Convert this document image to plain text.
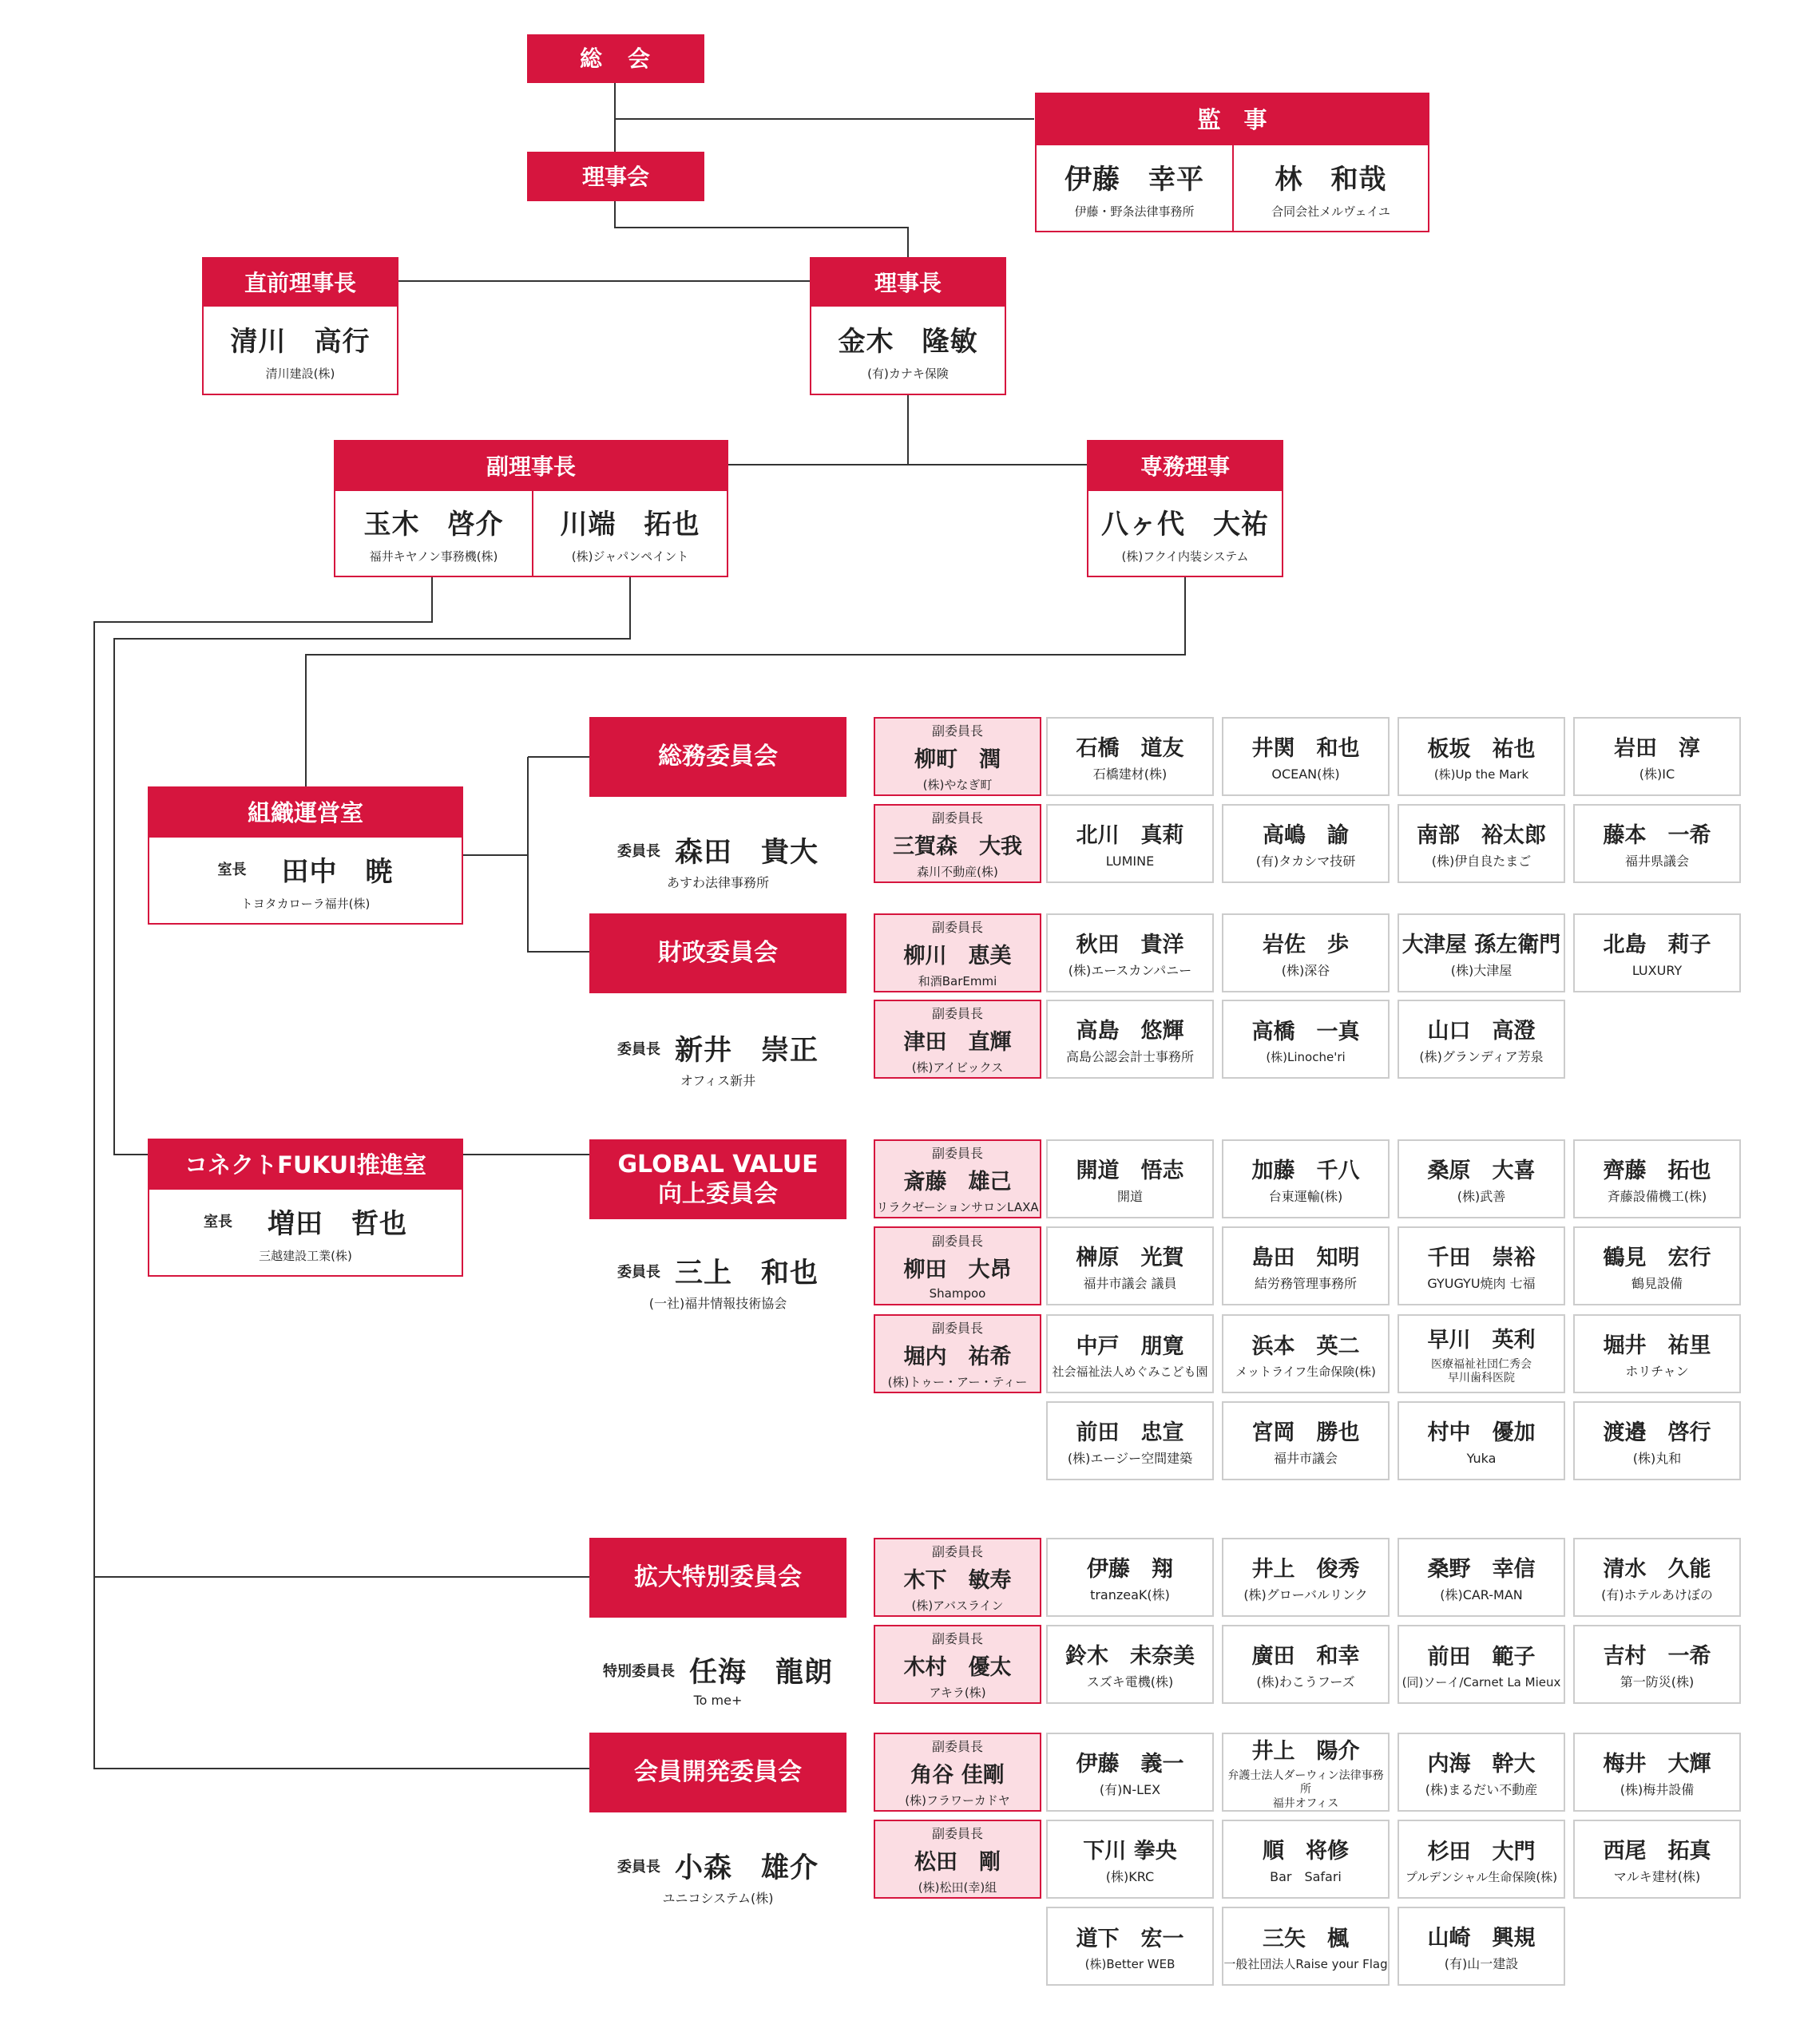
総　会
理事会
監　事
伊藤　幸平
伊藤・野条法律事務所
林　和哉
合同会社メルヴェイユ
直前理事長
清川　高行
清川建設(株)
理事長
金木　隆敏
(有)カナキ保険
副理事長
玉木　啓介
福井キヤノン事務機(株)
川端　拓也
(株)ジャパンペイント
専務理事
八ヶ代　大祐
(株)フクイ内装システム
組織運営室
室長 田中　暁
トヨタカローラ福井(株)
コネクトFUKUI推進室
室長 増田　哲也
三越建設工業(株)
総務委員会
委員長 森田　貴大
あすわ法律事務所
副委員長
柳町　潤
(株)やなぎ町
副委員長
三賀森　大我
森川不動産(株)
石橋　道友
石橋建材(株)
井関　和也
OCEAN(株)
板坂　祐也
(株)Up the Mark
岩田　淳
(株)IC
北川　真莉
LUMINE
高嶋　諭
(有)タカシマ技研
南部　裕太郎
(株)伊自良たまご
藤本　一希
福井県議会
財政委員会
委員長 新井　崇正
オフィス新井
副委員長
柳川　恵美
和酒BarEmmi
副委員長
津田　直輝
(株)アイビックス
秋田　貴洋
(株)エースカンパニー
岩佐　歩
(株)深谷
大津屋 孫左衛門
(株)大津屋
北島　莉子
LUXURY
高島　悠輝
高島公認会計士事務所
高橋　一真
(株)Linoche'ri
山口　高澄
(株)グランディア芳泉
GLOBAL VALUE
向上委員会
委員長 三上　和也
(一社)福井情報技術協会
副委員長
斎藤　雄己
リラクゼーションサロンLAXA
副委員長
柳田　大昂
Shampoo
副委員長
堀内　祐希
(株)トゥー・アー・ティー
開道　悟志
開道
加藤　千八
台東運輸(株)
桑原　大喜
(株)武善
齊藤　拓也
斉藤設備機工(株)
榊原　光賀
福井市議会 議員
島田　知明
結労務管理事務所
千田　崇裕
GYUGYU焼肉 七福
鶴見　宏行
鶴見設備
中戸　朋寛
社会福祉法人めぐみこども園
浜本　英二
メットライフ生命保険(株)
早川　英利
医療福祉社団仁秀会
早川歯科医院
堀井　祐里
ホリチャン
前田　忠宣
(株)エージー空間建築
宮岡　勝也
福井市議会
村中　優加
Yuka
渡邉　啓行
(株)丸和
拡大特別委員会
特別委員長 任海　龍朗
To me+
副委員長
木下　敏寿
(株)アバスライン
副委員長
木村　優太
アキラ(株)
伊藤　翔
tranzeaK(株)
井上　俊秀
(株)グローバルリンク
桑野　幸信
(株)CAR-MAN
清水　久能
(有)ホテルあけぼの
鈴木　未奈美
スズキ電機(株)
廣田　和幸
(株)わこうフーズ
前田　範子
(同)ソーイ/Carnet La Mieux
吉村　一希
第一防災(株)
会員開発委員会
委員長 小森　雄介
ユニコシステム(株)
副委員長
角谷 佳剛
(株)フラワーカドヤ
副委員長
松田　剛
(株)松田(幸)組
伊藤　義一
(有)N-LEX
井上　陽介
弁護士法人ダーウィン法律事務所
福井オフィス
内海　幹大
(株)まるだい不動産
梅井　大輝
(株)梅井設備
下川 拳央
(株)KRC
順　将修
Bar　Safari
杉田　大門
プルデンシャル生命保険(株)
西尾　拓真
マルキ建材(株)
道下　宏一
(株)Better WEB
三矢　楓
一般社団法人Raise your Flag
山崎　興規
(有)山一建設
